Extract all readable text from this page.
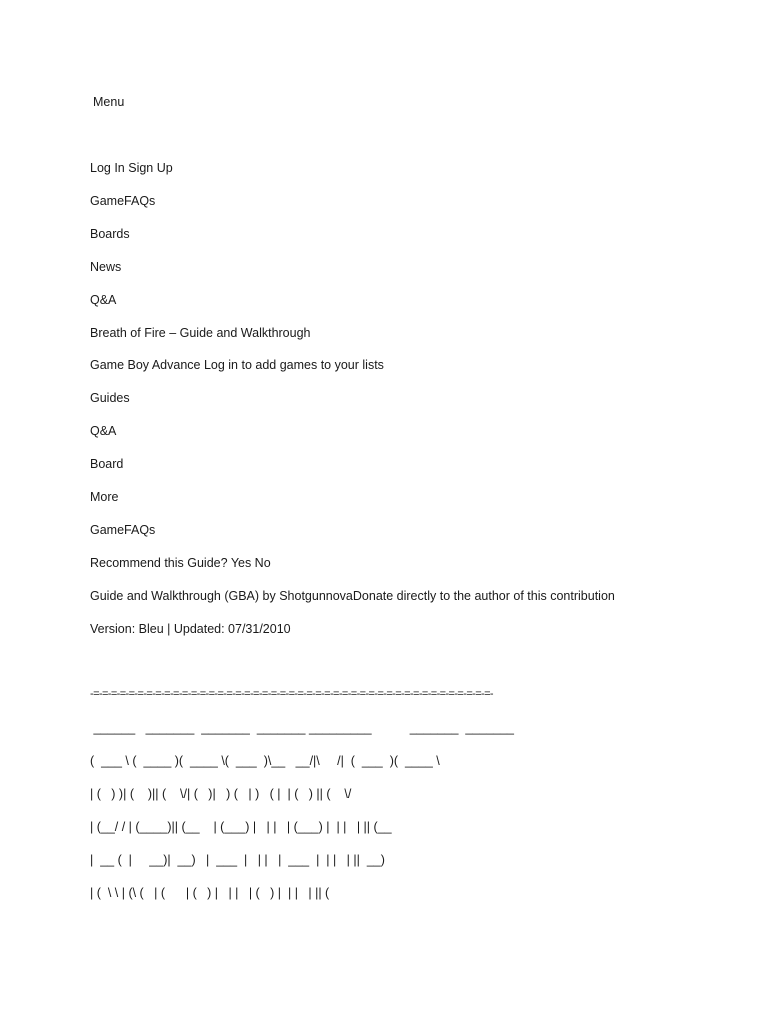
Menu
Log In Sign Up
GameFAQs
Boards
News
Q&A
Breath of Fire – Guide and Walkthrough
Game Boy Advance Log in to add games to your lists
Guides
Q&A
Board
More
GameFAQs
Recommend this Guide? Yes No
Guide and Walkthrough (GBA) by ShotgunnovaDonate directly to the author of this contribution
Version: Bleu | Updated: 07/31/2010
-=-=-=-=-=-=-=-=-=-=-=-=-=-=-=-=-=-=-=-=-=-=-=-=-=-=-=-=-=-=-=-=-=-=-=-=-=-=-=-=-=-=-=-=-=-
______   _______  _______  _______ _________           _______  _______
(  ___ \ (  ____ )(  ____ \(  ___  )\__   __/|\     /|  (  ___  )(  ____ \
| (   ) )| (    )|| (    \/| (   )|   ) (   | )   ( |  | (   ) || (    \/
| (__/ / | (____)|| (__    | (___) |   | |   | (___) |  | |   | || (__
|  __ (  |     __)|  __)   |  ___  |   | |   |  ___  |  | |   | ||  __)
| (  \ \ | (\ (   | (      | (   ) |   | |   | (   ) |  | |   | || (
